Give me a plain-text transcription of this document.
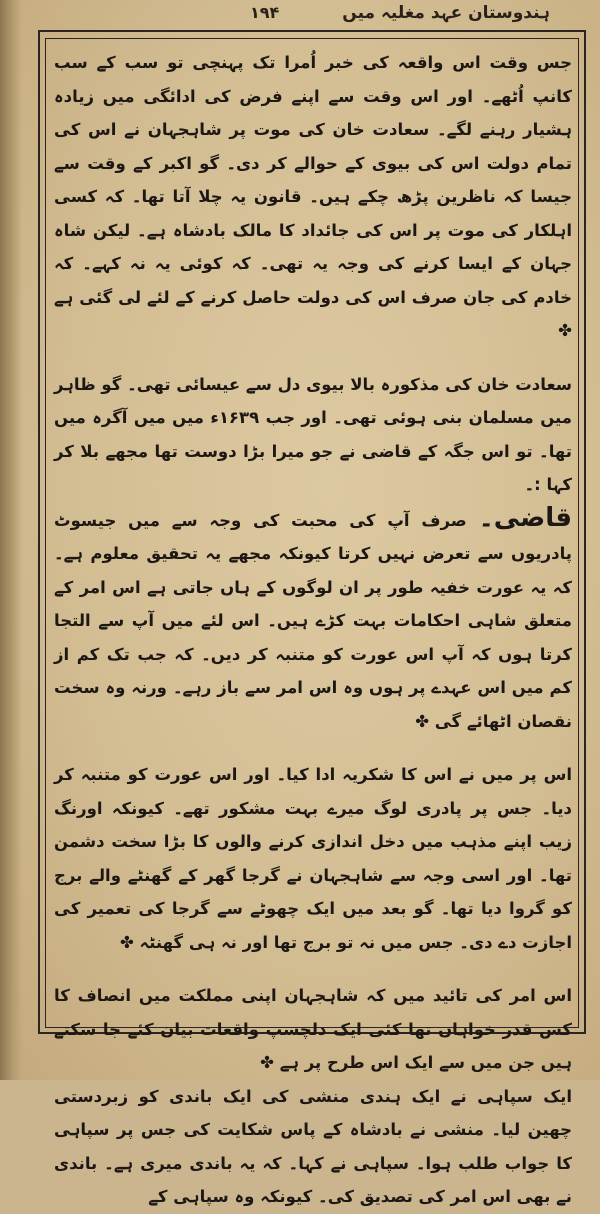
ہندوستان عہد مغلیہ میں
۱۹۴

جس وقت اس واقعہ کی خبر اُمرا تک پہنچی تو سب کے سب کانپ اُٹھے۔ اور اس وقت سے اپنے فرض کی ادائگی میں زیادہ ہشیار رہنے لگے۔ سعادت خان کی موت پر شاہجہان نے اس کی تمام دولت اس کی بیوی کے حوالے کر دی۔ گو اکبر کے وقت سے جیسا کہ ناظرین پڑھ چکے ہیں۔ قانون یہ چلا آتا تھا۔ کہ کسی اہلکار کی موت پر اس کی جائداد کا مالک بادشاہ ہے۔ لیکن شاہ جہان کے ایسا کرنے کی وجہ یہ تھی۔ کہ کوئی یہ نہ کہے۔ کہ خادم کی جان صرف اس کی دولت حاصل کرنے کے لئے لی گئی ہے ✤

سعادت خان کی مذکورہ بالا بیوی دل سے عیسائی تھی۔ گو ظاہر میں مسلمان بنی ہوئی تھی۔ اور جب ۱۶۳۹ء میں میں آگرہ میں تھا۔ تو اس جگہ کے قاضی نے جو میرا بڑا دوست تھا مجھے بلا کر کہا :۔

قاضی۔ صرف آپ کی محبت کی وجہ سے میں جیسوٹ پادریوں سے تعرض نہیں کرتا کیونکہ مجھے یہ تحقیق معلوم ہے۔ کہ یہ عورت خفیہ طور پر ان لوگوں کے ہاں جاتی ہے اس امر کے متعلق شاہی احکامات بہت کڑے ہیں۔ اس لئے میں آپ سے التجا کرتا ہوں کہ آپ اس عورت کو متنبہ کر دیں۔ کہ جب تک کم از کم میں اس عہدے پر ہوں وہ اس امر سے باز رہے۔ ورنہ وہ سخت نقصان اٹھائے گی ✤

اس پر میں نے اس کا شکریہ ادا کیا۔ اور اس عورت کو متنبہ کر دیا۔ جس پر پادری لوگ میرے بہت مشکور تھے۔ کیونکہ اورنگ زیب اپنے مذہب میں دخل اندازی کرنے والوں کا بڑا سخت دشمن تھا۔ اور اسی وجہ سے شاہجہان نے گرجا گھر کے گھنٹے والے برج کو گروا دیا تھا۔ گو بعد میں ایک چھوٹے سے گرجا کی تعمیر کی اجازت دے دی۔ جس میں نہ تو برج تھا اور نہ ہی گھنٹہ ✤

اس امر کی تائید میں کہ شاہجہان اپنی مملکت میں انصاف کا کس قدر خواہاں تھا کئی ایک دلچسپ واقعات بیان کئے جا سکتے ہیں جن میں سے ایک اس طرح پر ہے ✤

ایک سپاہی نے ایک ہندی منشی کی ایک باندی کو زبردستی چھین لیا۔ منشی نے بادشاہ کے پاس شکایت کی جس پر سپاہی کا جواب طلب ہوا۔ سپاہی نے کہا۔ کہ یہ باندی میری ہے۔ باندی نے بھی اس امر کی تصدیق کی۔ کیونکہ وہ سپاہی کے
